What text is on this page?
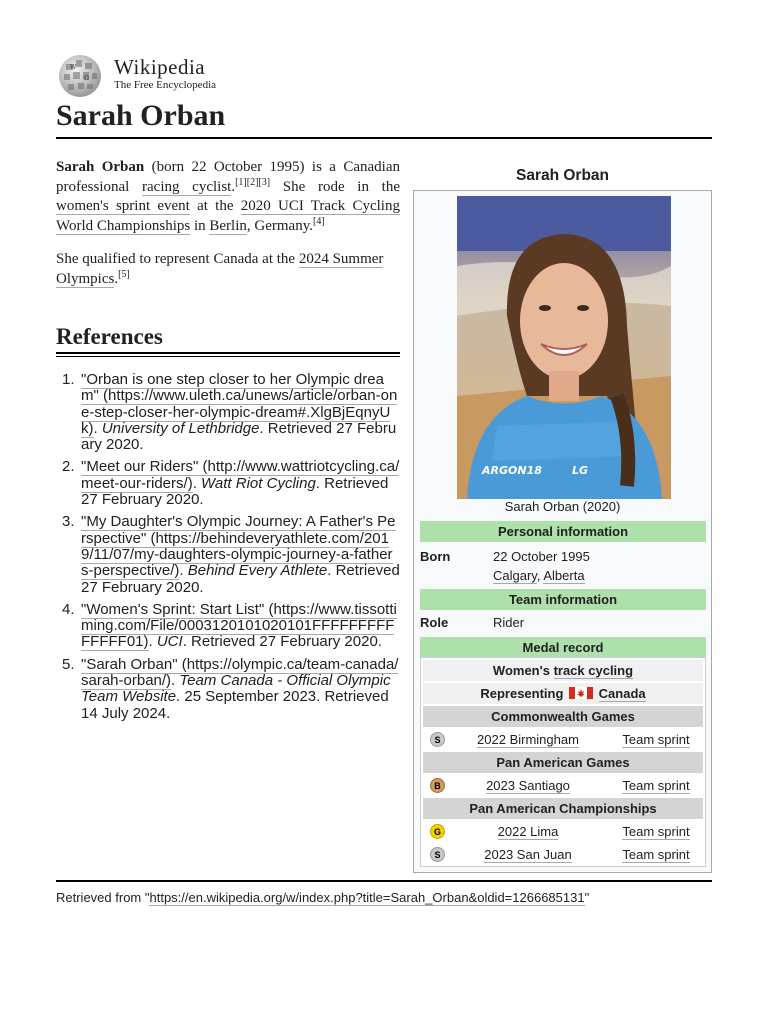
W
Ω Wikipedia
The Free Encyclopedia
Sarah Orban

Sarah Orban (born 22 October 1995) is a Canadian professional racing cyclist.[1][2][3] She rode in the women's sprint event at the 2020 UCI Track Cycling World Championships in Berlin, Germany.[4]

She qualified to represent Canada at the 2024 Summer Olympics.[5]

References
1. "Orban is one step closer to her Olympic dream" (https://www.uleth.ca/unews/article/orban-one-step-closer-her-olympic-dream#.XlgBjEqnyUk). University of Lethbridge. Retrieved 27 February 2020.
2. "Meet our Riders" (http://www.wattriotcycling.ca/meet-our-riders/). Watt Riot Cycling. Retrieved 27 February 2020.
3. "My Daughter's Olympic Journey: A Father's Perspective" (https://behindeveryathlete.com/2019/11/07/my-daughters-olympic-journey-a-fathers-perspective/). Behind Every Athlete. Retrieved 27 February 2020.
4. "Women's Sprint: Start List" (https://www.tissottiming.com/File/0003120101020101FFFFFFFFFFFFFF01). UCI. Retrieved 27 February 2020.
5. "Sarah Orban" (https://olympic.ca/team-canada/sarah-orban/). Team Canada - Official Olympic Team Website. 25 September 2023. Retrieved 14 July 2024.
Sarah Orban
ARGON18	LG
Sarah Orban (2020)
Personal information
Born	22 October 1995
Calgary, Alberta
Team information
Role	Rider
Medal record
Women's track cycling
Representing	Canada
Commonwealth Games
S	2022 Birmingham	Team sprint
Pan American Games
B	2023 Santiago	Team sprint
Pan American Championships
G	2022 Lima	Team sprint
S	2023 San Juan	Team sprint
Retrieved from "https://en.wikipedia.org/w/index.php?title=Sarah_Orban&oldid=1266685131"
